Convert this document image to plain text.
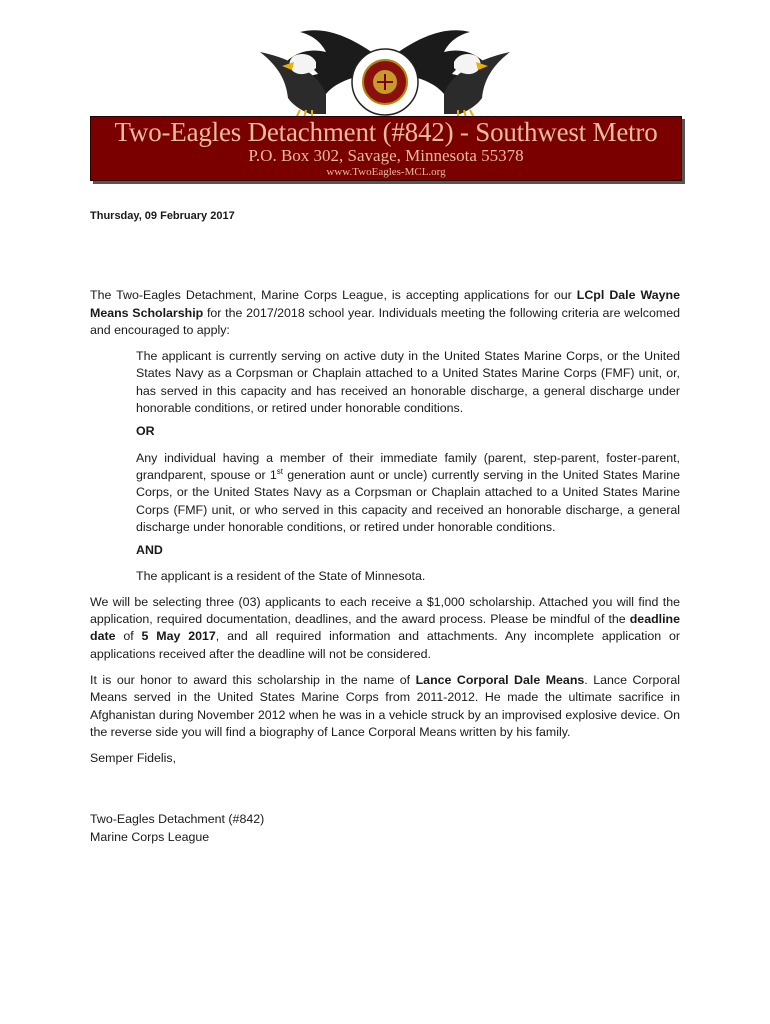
Two-Eagles Detachment (#842) - Southwest Metro
P.O. Box 302, Savage, Minnesota 55378
www.TwoEagles-MCL.org
Thursday, 09 February 2017

The Two-Eagles Detachment, Marine Corps League, is accepting applications for our LCpl Dale Wayne Means Scholarship for the 2017/2018 school year. Individuals meeting the following criteria are welcomed and encouraged to apply:

The applicant is currently serving on active duty in the United States Marine Corps, or the United States Navy as a Corpsman or Chaplain attached to a United States Marine Corps (FMF) unit, or, has served in this capacity and has received an honorable discharge, a general discharge under honorable conditions, or retired under honorable conditions.

OR

Any individual having a member of their immediate family (parent, step-parent, foster-parent, grandparent, spouse or 1st generation aunt or uncle) currently serving in the United States Marine Corps, or the United States Navy as a Corpsman or Chaplain attached to a United States Marine Corps (FMF) unit, or who served in this capacity and received an honorable discharge, a general discharge under honorable conditions, or retired under honorable conditions.

AND

The applicant is a resident of the State of Minnesota.

We will be selecting three (03) applicants to each receive a $1,000 scholarship. Attached you will find the application, required documentation, deadlines, and the award process. Please be mindful of the deadline date of 5 May 2017, and all required information and attachments. Any incomplete application or applications received after the deadline will not be considered.

It is our honor to award this scholarship in the name of Lance Corporal Dale Means. Lance Corporal Means served in the United States Marine Corps from 2011-2012. He made the ultimate sacrifice in Afghanistan during November 2012 when he was in a vehicle struck by an improvised explosive device. On the reverse side you will find a biography of Lance Corporal Means written by his family.

Semper Fidelis,

Two-Eagles Detachment (#842)

Marine Corps League
